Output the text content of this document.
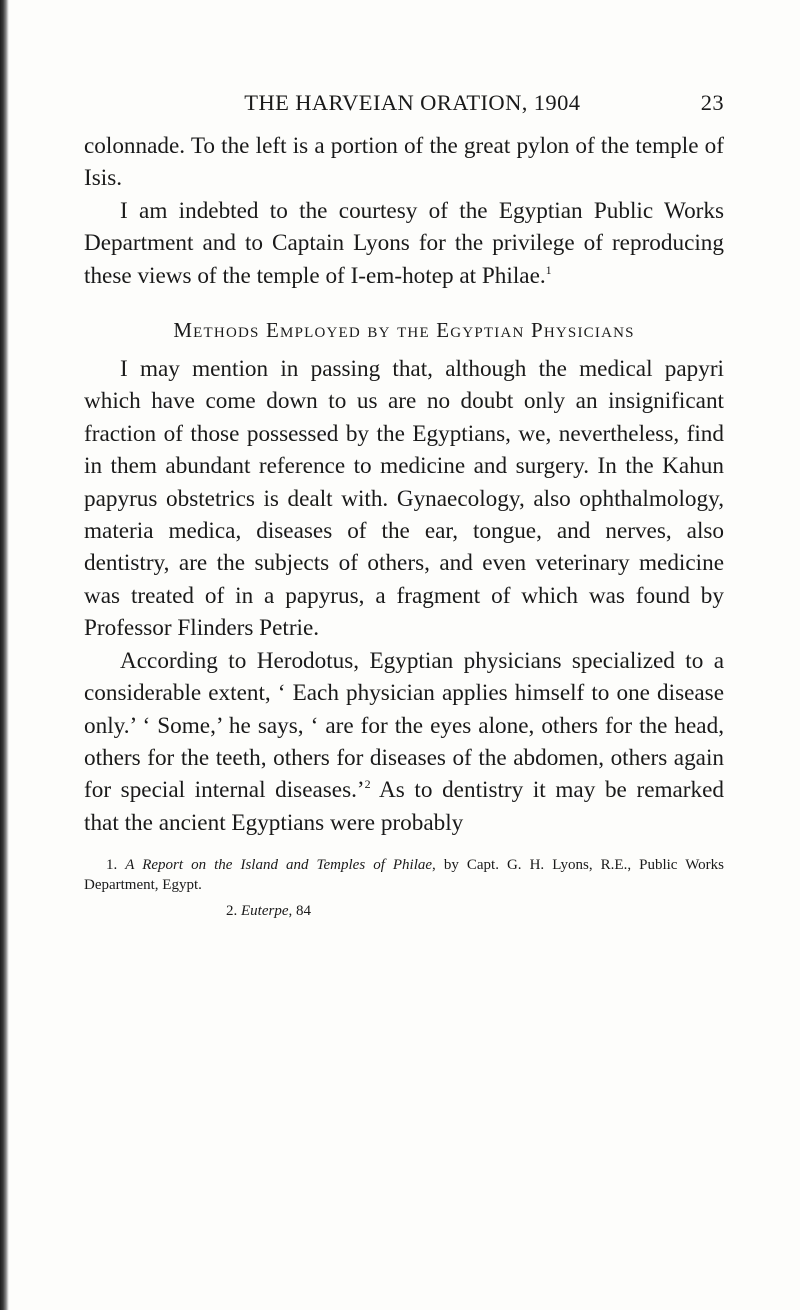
THE HARVEIAN ORATION, 1904	23

colonnade. To the left is a portion of the great pylon of the temple of Isis.

I am indebted to the courtesy of the Egyptian Public Works Department and to Captain Lyons for the privilege of reproducing these views of the temple of I-em-hotep at Philae.$^1$

Methods Employed by the Egyptian Physicians

I may mention in passing that, although the medical papyri which have come down to us are no doubt only an insignificant fraction of those possessed by the Egyptians, we, nevertheless, find in them abundant reference to medicine and surgery. In the Kahun papyrus obstetrics is dealt with. Gynaecology, also ophthalmology, materia medica, diseases of the ear, tongue, and nerves, also dentistry, are the subjects of others, and even veterinary medicine was treated of in a papyrus, a fragment of which was found by Professor Flinders Petrie.

According to Herodotus, Egyptian physicians specialized to a considerable extent, ‘ Each physician applies himself to one disease only.’ ‘ Some,’ he says, ‘ are for the eyes alone, others for the head, others for the teeth, others for diseases of the abdomen, others again for special internal diseases.’$^2$ As to dentistry it may be remarked that the ancient Egyptians were probably

1. A Report on the Island and Temples of Philae, by Capt. G. H. Lyons, R.E., Public Works Department, Egypt.

2. Euterpe, 84
